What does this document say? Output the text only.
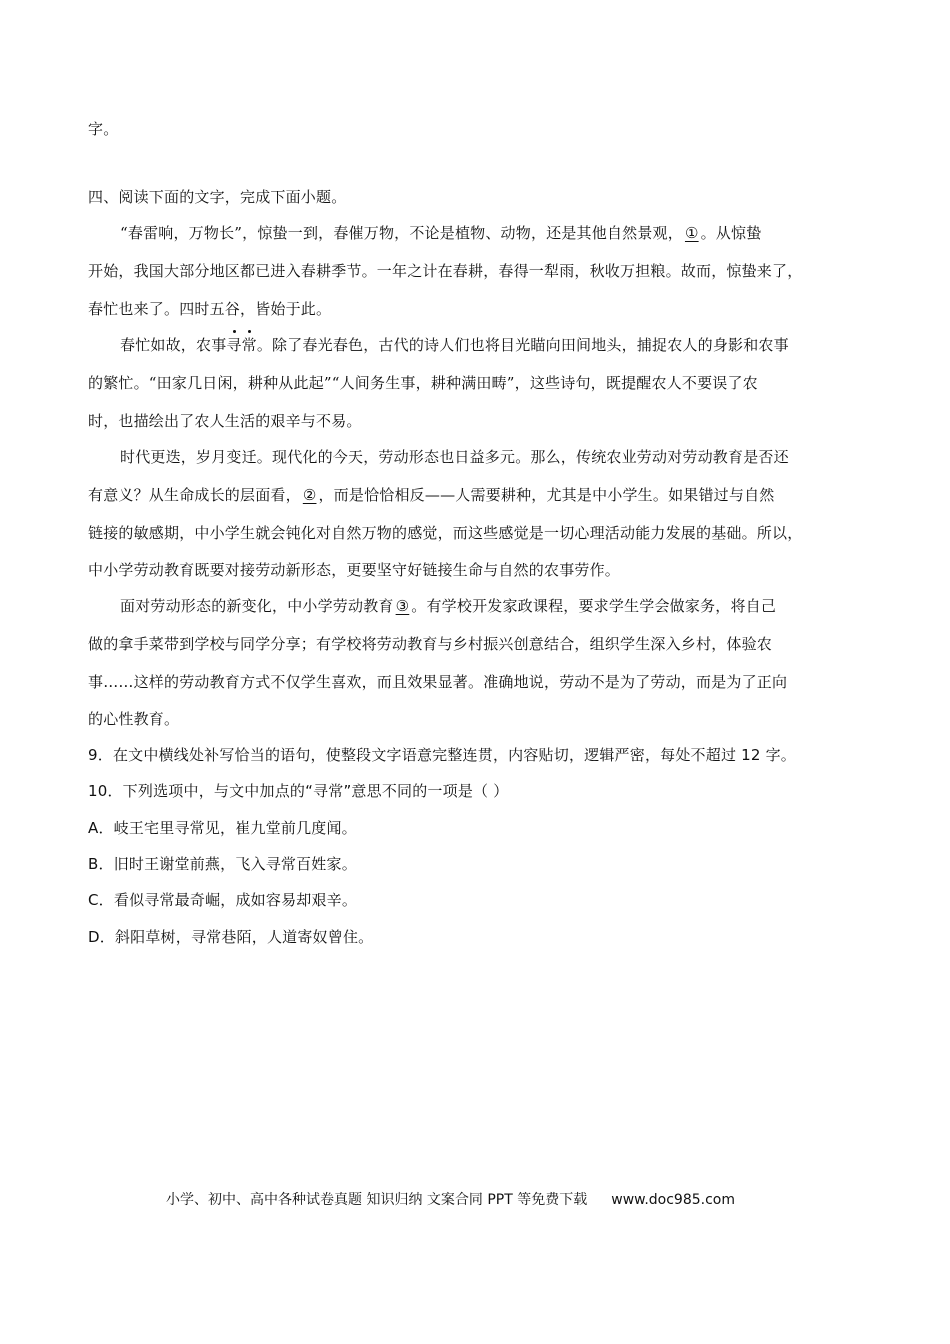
字。
四、阅读下面的文字，完成下面小题。
“春雷响，万物长”，惊蛰一到，春催万物，不论是植物、动物，还是其他自然景观， ① 。从惊蛰
开始，我国大部分地区都已进入春耕季节。一年之计在春耕，春得一犁雨，秋收万担粮。故而，惊蛰来了，
春忙也来了。四时五谷，皆始于此。
春忙如故，农事寻常。除了春光春色，古代的诗人们也将目光瞄向田间地头，捕捉农人的身影和农事
的繁忙。“田家几日闲，耕种从此起”“人间务生事，耕种满田畴”，这些诗句，既提醒农人不要误了农
时，也描绘出了农人生活的艰辛与不易。
时代更迭，岁月变迁。现代化的今天，劳动形态也日益多元。那么，传统农业劳动对劳动教育是否还
有意义？从生命成长的层面看， ② ，而是恰恰相反——人需要耕种，尤其是中小学生。如果错过与自然
链接的敏感期，中小学生就会钝化对自然万物的感觉，而这些感觉是一切心理活动能力发展的基础。所以，
中小学劳动教育既要对接劳动新形态，更要坚守好链接生命与自然的农事劳作。
面对劳动形态的新变化，中小学劳动教育 ③ 。有学校开发家政课程，要求学生学会做家务，将自己
做的拿手菜带到学校与同学分享；有学校将劳动教育与乡村振兴创意结合，组织学生深入乡村，体验农
事……这样的劳动教育方式不仅学生喜欢，而且效果显著。准确地说，劳动不是为了劳动，而是为了正向
的心性教育。
9．在文中横线处补写恰当的语句，使整段文字语意完整连贯，内容贴切，逻辑严密，每处不超过 12 字。
10．下列选项中，与文中加点的“寻常”意思不同的一项是（ ）
A．岐王宅里寻常见，崔九堂前几度闻。
B．旧时王谢堂前燕，飞入寻常百姓家。
C．看似寻常最奇崛，成如容易却艰辛。
D．斜阳草树，寻常巷陌，人道寄奴曾住。
小学、初中、高中各种试卷真题 知识归纳 文案合同 PPT 等免费下载 www.doc985.com
